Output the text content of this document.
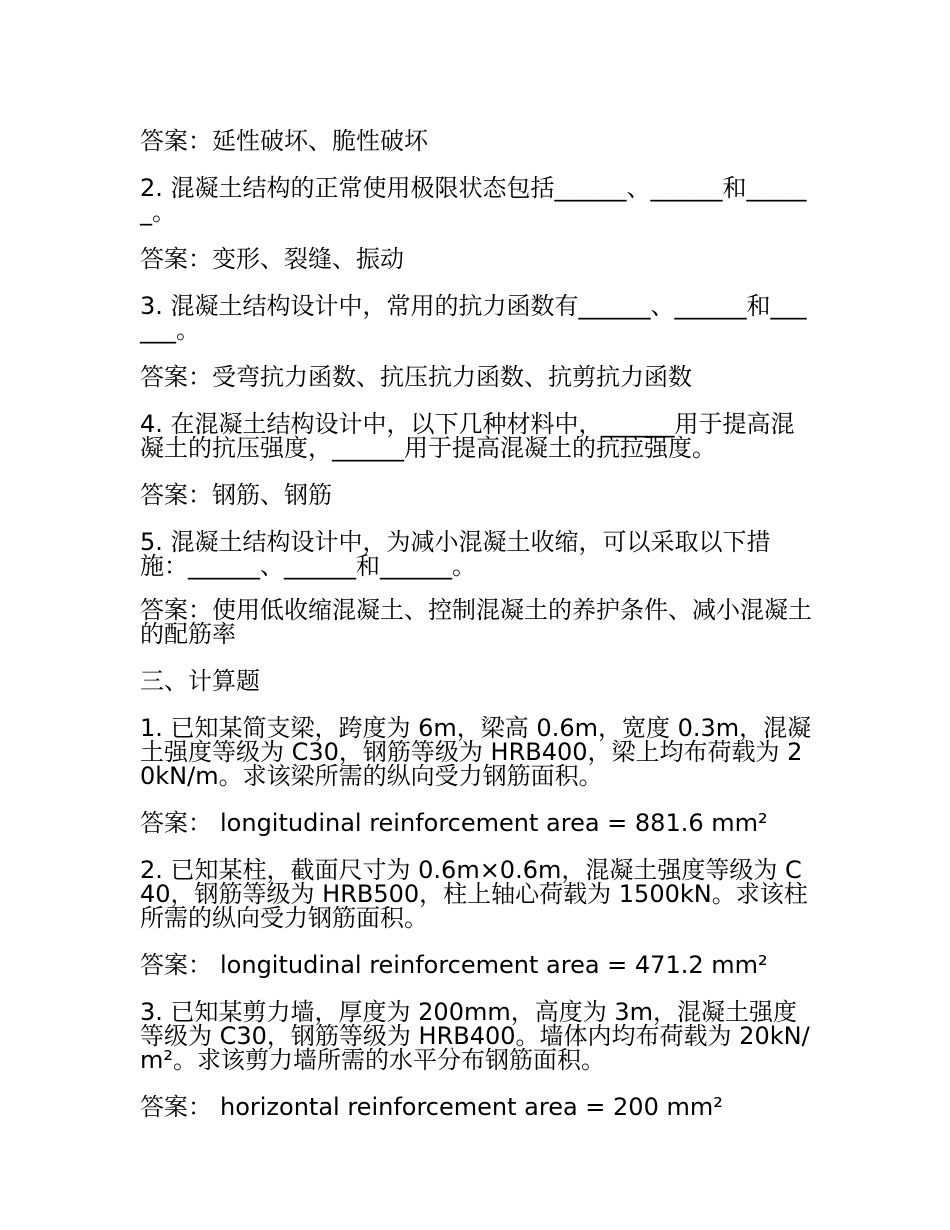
答案：延性破坏、脆性破坏

2. 混凝土结构的正常使用极限状态包括______、______和______。

答案：变形、裂缝、振动

3. 混凝土结构设计中，常用的抗力函数有______、______和______。

答案：受弯抗力函数、抗压抗力函数、抗剪抗力函数

4. 在混凝土结构设计中，以下几种材料中，______用于提高混凝土的抗压强度，______用于提高混凝土的抗拉强度。

答案：钢筋、钢筋

5. 混凝土结构设计中，为减小混凝土收缩，可以采取以下措施：______、______和______。

答案：使用低收缩混凝土、控制混凝土的养护条件、减小混凝土的配筋率

三、计算题

1. 已知某简支梁，跨度为 6m，梁高 0.6m，宽度 0.3m，混凝土强度等级为 C30，钢筋等级为 HRB400，梁上均布荷载为 20kN/m。求该梁所需的纵向受力钢筋面积。

答案： longitudinal reinforcement area = 881.6 mm²

2. 已知某柱，截面尺寸为 0.6m×0.6m，混凝土强度等级为 C40，钢筋等级为 HRB500，柱上轴心荷载为 1500kN。求该柱所需的纵向受力钢筋面积。

答案： longitudinal reinforcement area = 471.2 mm²

3. 已知某剪力墙，厚度为 200mm，高度为 3m，混凝土强度等级为 C30，钢筋等级为 HRB400。墙体内均布荷载为 20kN/m²。求该剪力墙所需的水平分布钢筋面积。

答案： horizontal reinforcement area = 200 mm²
